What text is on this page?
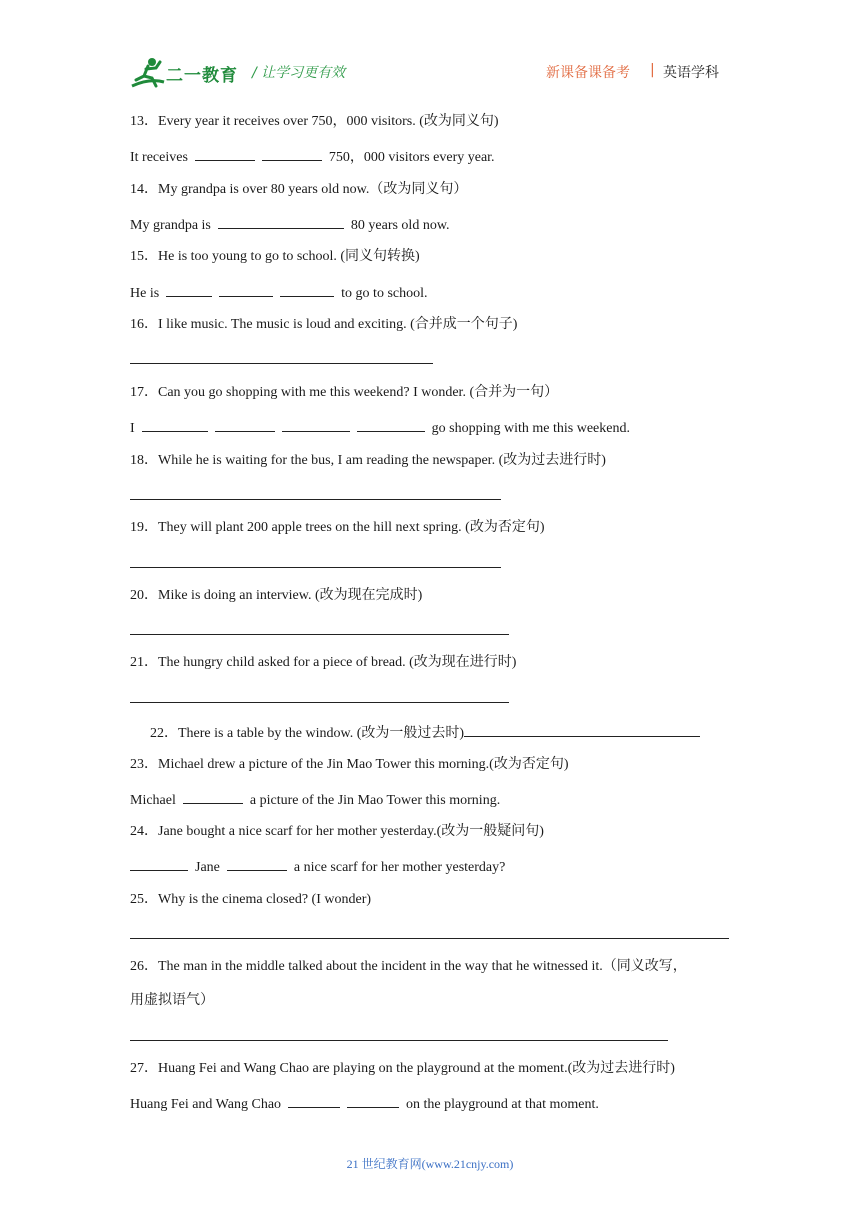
二一教育 / 让学习更有效	新课备课备考 | 英语学科
13．Every year it receives over 750，000 visitors. (改为同义句)
It receives	750，000 visitors every year.
14．My grandpa is over 80 years old now.（改为同义句）
My grandpa is	80 years old now.
15．He is too young to go to school. (同义句转换)
He is	to go to school.
16．I like music. The music is loud and exciting. (合并成一个句子)
17．Can you go shopping with me this weekend? I wonder. (合并为一句）
I	go shopping with me this weekend.
18．While he is waiting for the bus, I am reading the newspaper. (改为过去进行时)
19．They will plant 200 apple trees on the hill next spring. (改为否定句)
20．Mike is doing an interview. (改为现在完成时)
21．The hungry child asked for a piece of bread. (改为现在进行时)
22．There is a table by the window. (改为一般过去时)
23．Michael drew a picture of the Jin Mao Tower this morning.(改为否定句)
Michael	a picture of the Jin Mao Tower this morning.
24．Jane bought a nice scarf for her mother yesterday.(改为一般疑问句)
Jane	a nice scarf for her mother yesterday?
25．Why is the cinema closed? (I wonder)
26．The man in the middle talked about the incident in the way that he witnessed it.（同义改写，
用虚拟语气）
27．Huang Fei and Wang Chao are playing on the playground at the moment.(改为过去进行时)
Huang Fei and Wang Chao	on the playground at that moment.
21 世纪教育网(www.21cnjy.com)
